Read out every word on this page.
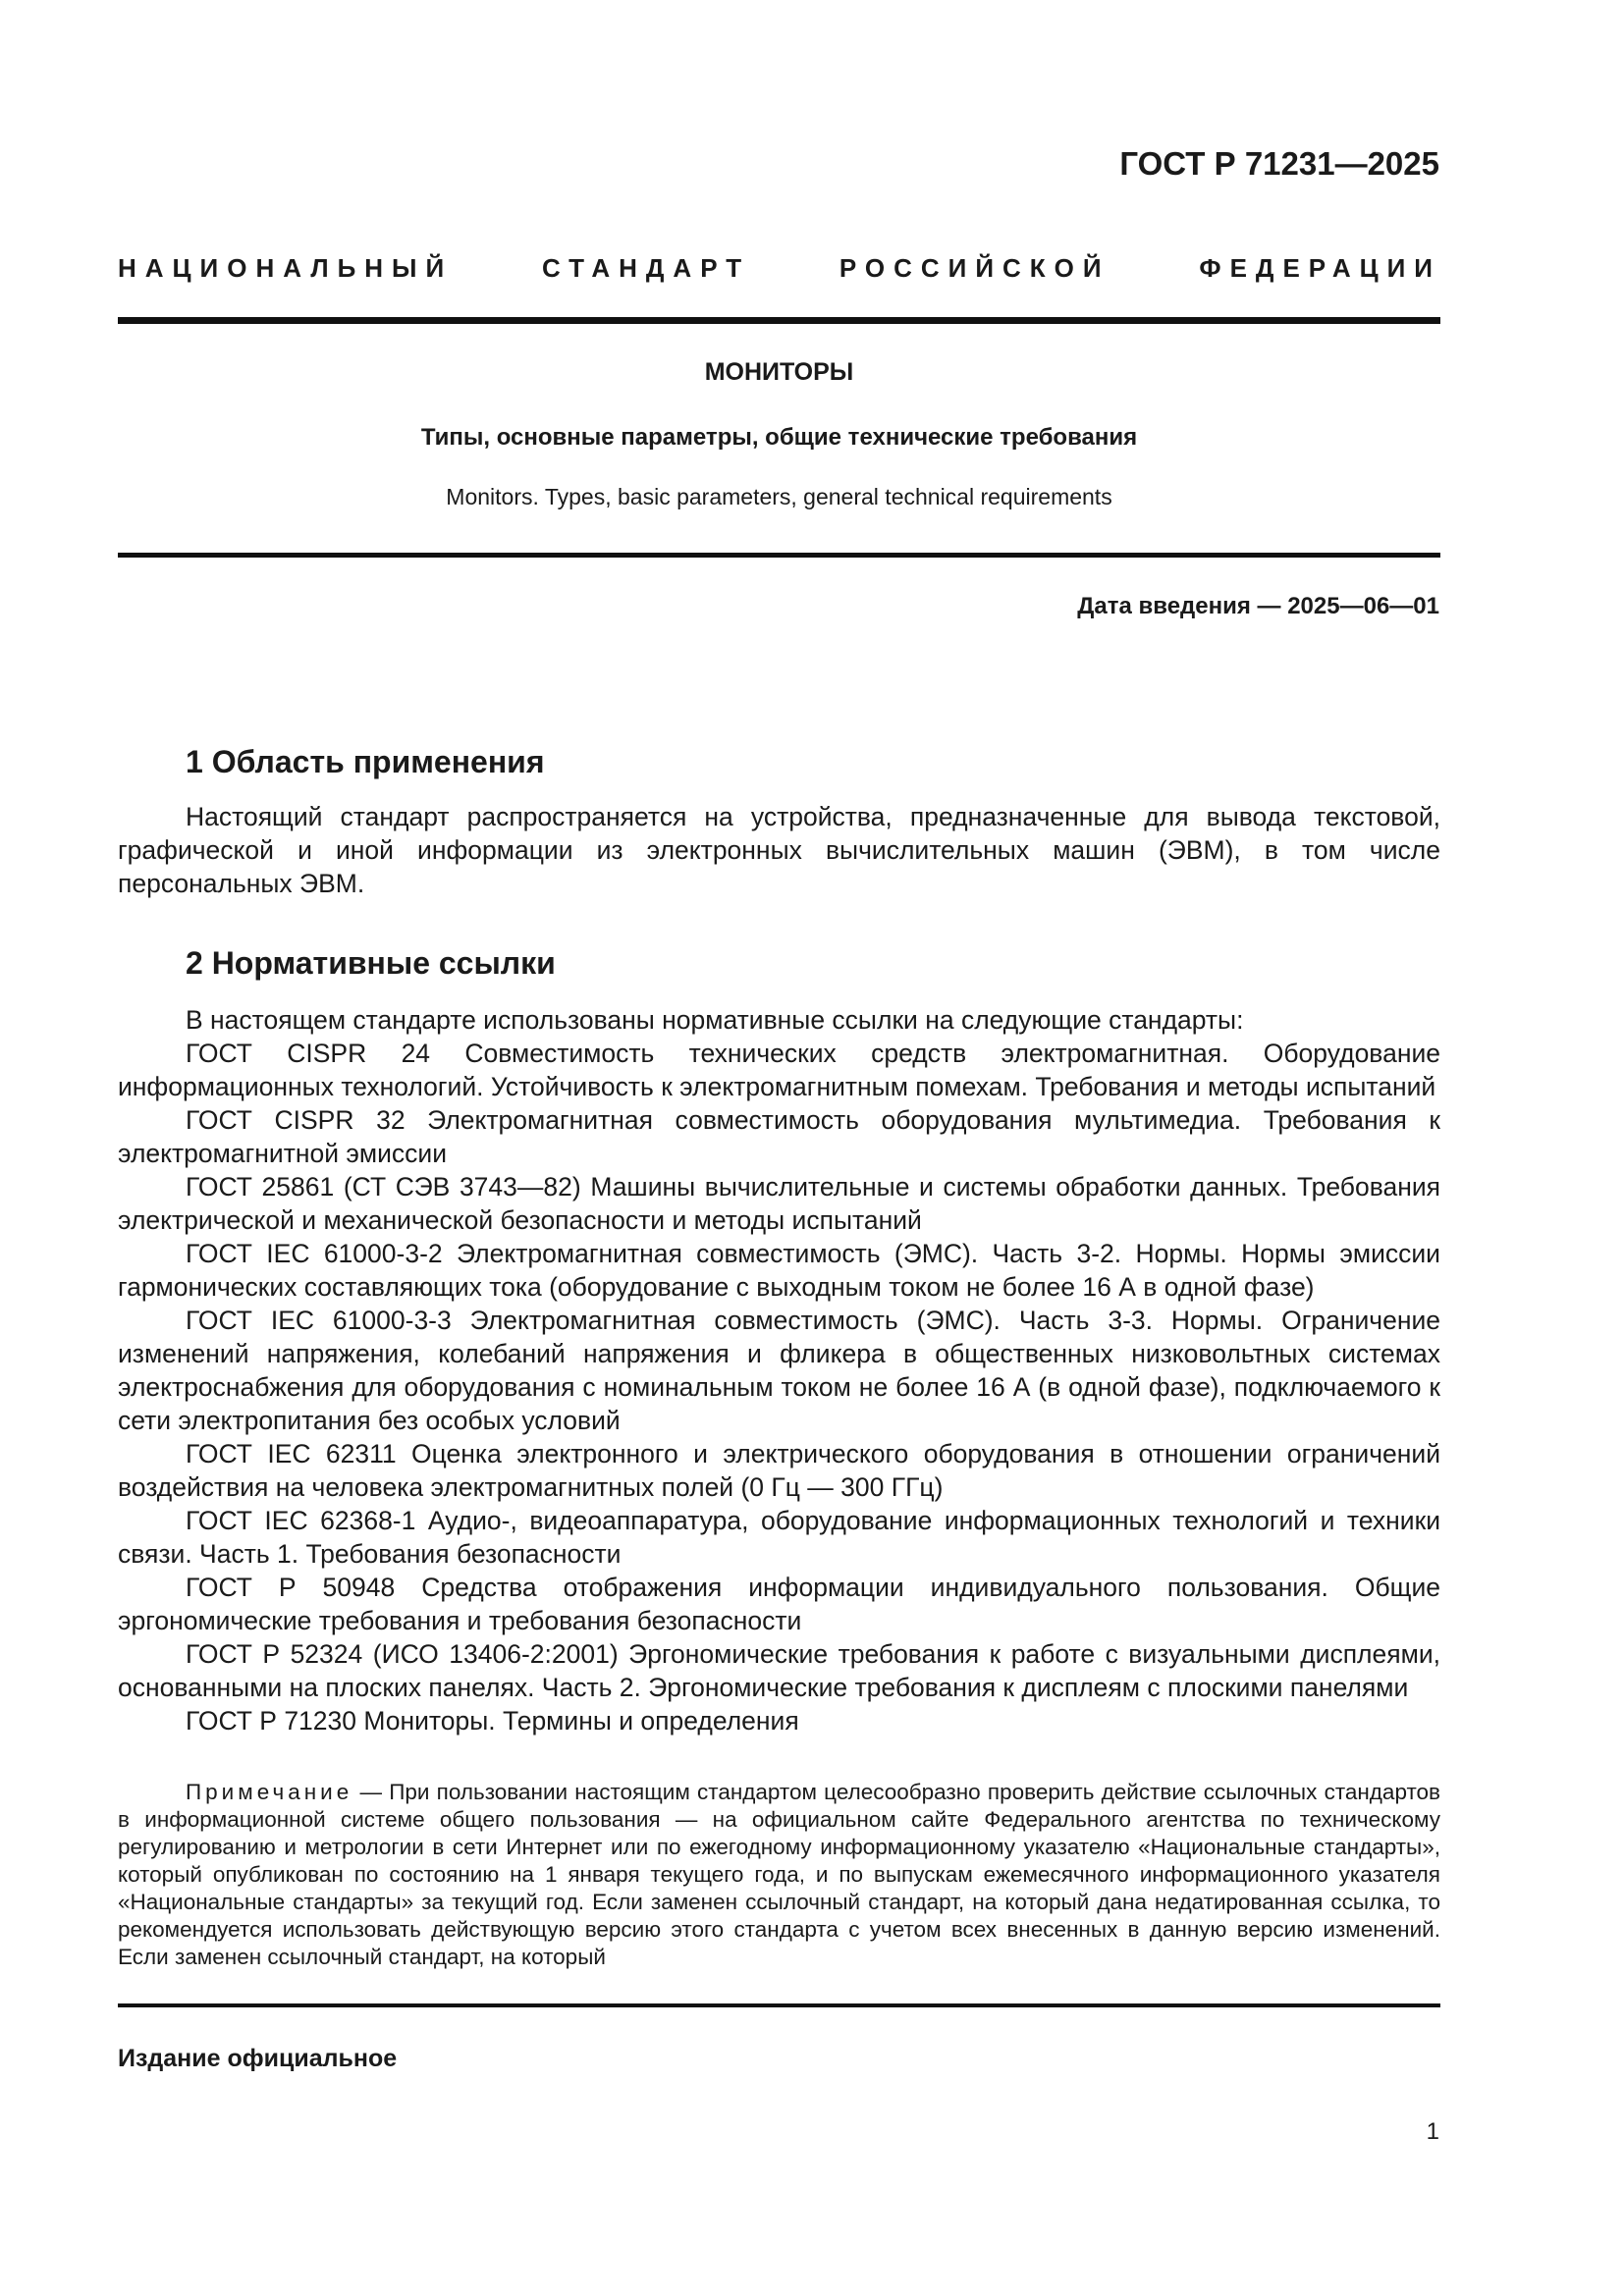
ГОСТ Р 71231—2025
НАЦИОНАЛЬНЫЙ СТАНДАРТ РОССИЙСКОЙ ФЕДЕРАЦИИ
МОНИТОРЫ
Типы, основные параметры, общие технические требования
Monitors. Types, basic parameters, general technical requirements
Дата введения — 2025—06—01
1 Область применения

Настоящий стандарт распространяется на устройства, предназначенные для вывода текстовой, графической и иной информации из электронных вычислительных машин (ЭВМ), в том числе персональных ЭВМ.

2 Нормативные ссылки

В настоящем стандарте использованы нормативные ссылки на следующие стандарты:

ГОСТ CISPR 24 Совместимость технических средств электромагнитная. Оборудование информационных технологий. Устойчивость к электромагнитным помехам. Требования и методы испытаний

ГОСТ CISPR 32 Электромагнитная совместимость оборудования мультимедиа. Требования к электромагнитной эмиссии

ГОСТ 25861 (СТ СЭВ 3743—82) Машины вычислительные и системы обработки данных. Требования электрической и механической безопасности и методы испытаний

ГОСТ IEC 61000-3-2 Электромагнитная совместимость (ЭМС). Часть 3-2. Нормы. Нормы эмиссии гармонических составляющих тока (оборудование с выходным током не более 16 А в одной фазе)

ГОСТ IEC 61000-3-3 Электромагнитная совместимость (ЭМС). Часть 3-3. Нормы. Ограничение изменений напряжения, колебаний напряжения и фликера в общественных низковольтных системах электроснабжения для оборудования с номинальным током не более 16 А (в одной фазе), подключаемого к сети электропитания без особых условий

ГОСТ IEC 62311 Оценка электронного и электрического оборудования в отношении ограничений воздействия на человека электромагнитных полей (0 Гц — 300 ГГц)

ГОСТ IEC 62368-1 Аудио-, видеоаппаратура, оборудование информационных технологий и техники связи. Часть 1. Требования безопасности

ГОСТ Р 50948 Средства отображения информации индивидуального пользования. Общие эргономические требования и требования безопасности

ГОСТ Р 52324 (ИСО 13406-2:2001) Эргономические требования к работе с визуальными дисплеями, основанными на плоских панелях. Часть 2. Эргономические требования к дисплеям с плоскими панелями

ГОСТ Р 71230 Мониторы. Термины и определения

Примечание — При пользовании настоящим стандартом целесообразно проверить действие ссылочных стандартов в информационной системе общего пользования — на официальном сайте Федерального агентства по техническому регулированию и метрологии в сети Интернет или по ежегодному информационному указателю «Национальные стандарты», который опубликован по состоянию на 1 января текущего года, и по выпускам ежемесячного информационного указателя «Национальные стандарты» за текущий год. Если заменен ссылочный стандарт, на который дана недатированная ссылка, то рекомендуется использовать действующую версию этого стандарта с учетом всех внесенных в данную версию изменений. Если заменен ссылочный стандарт, на который
Издание официальное
1
